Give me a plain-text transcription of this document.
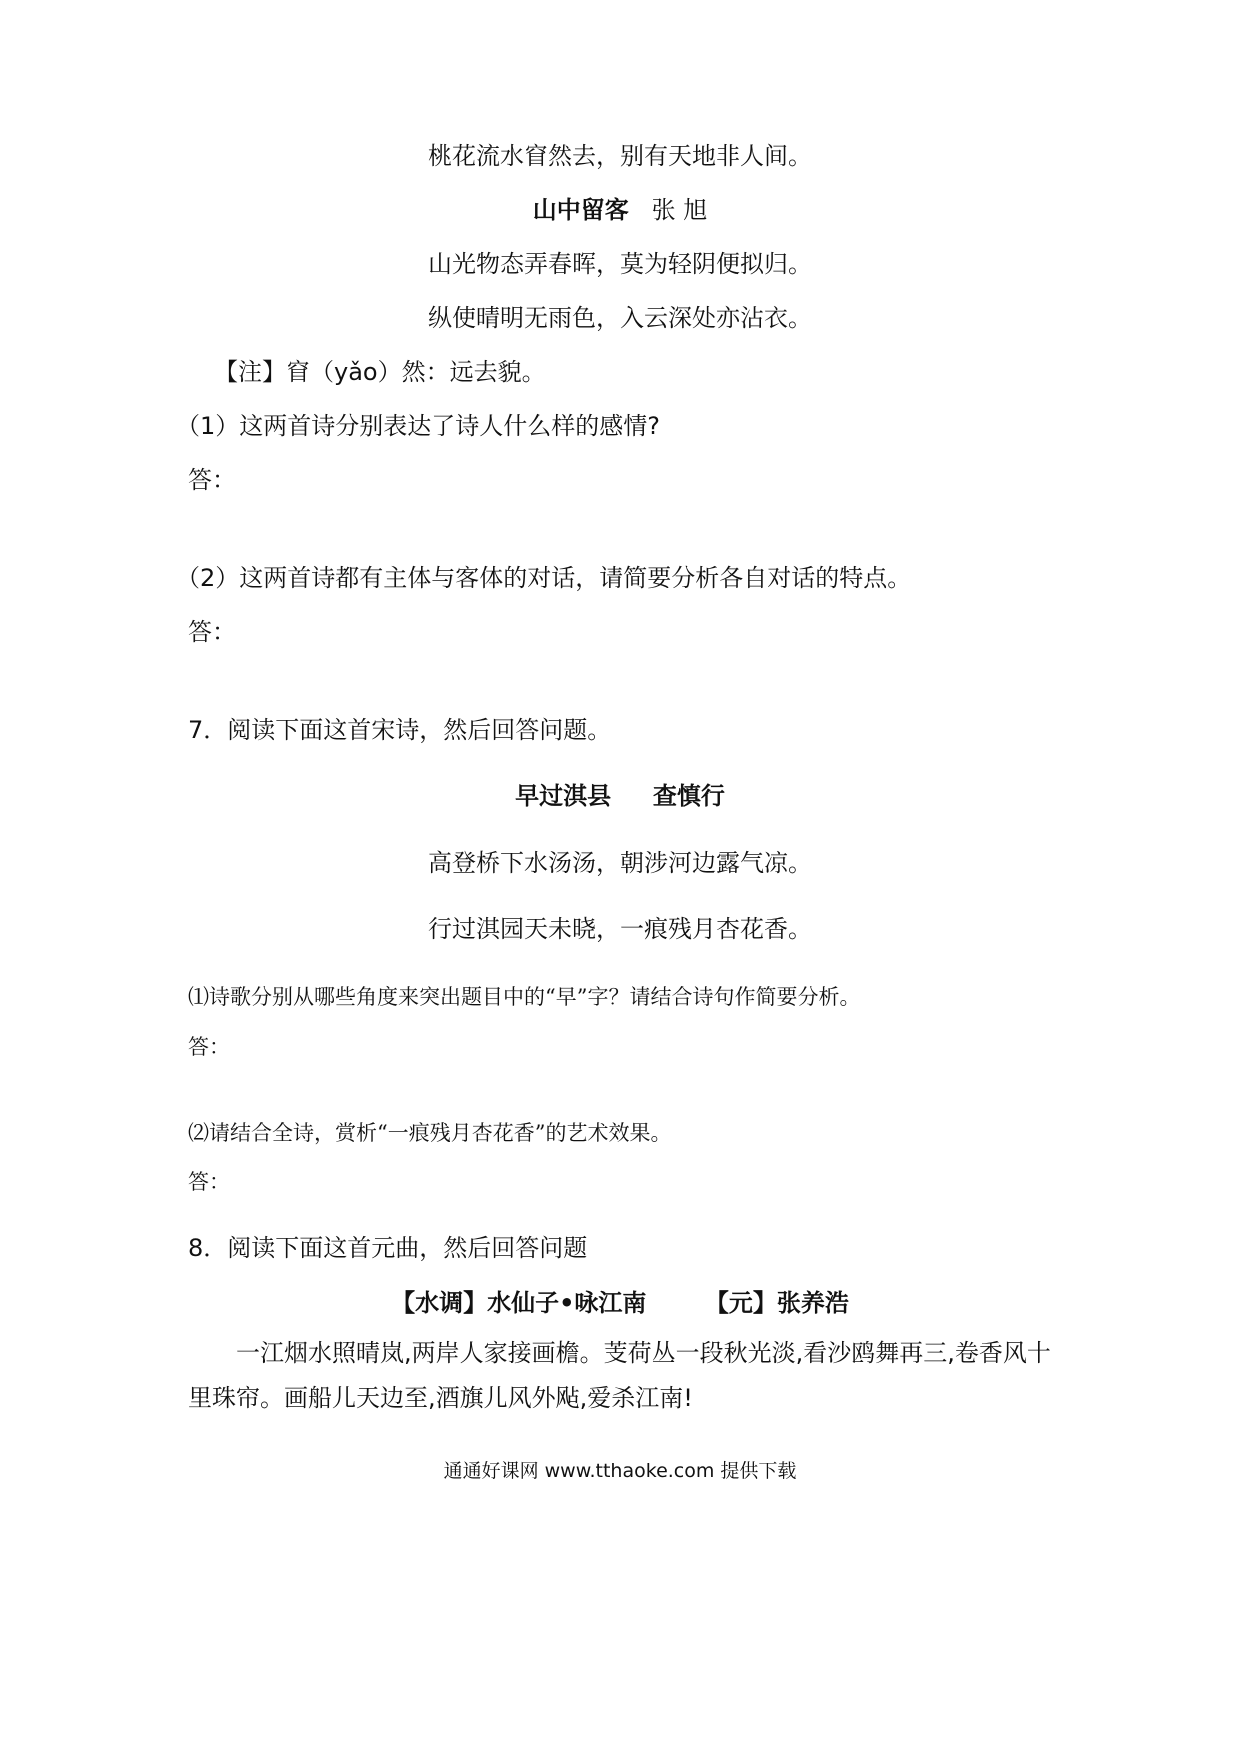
桃花流水窅然去，别有天地非人间。
山中留客 张 旭
山光物态弄春晖，莫为轻阴便拟归。
纵使晴明无雨色，入云深处亦沾衣。
【注】窅（yǎo）然：远去貌。
（1）这两首诗分别表达了诗人什么样的感情?
答：
（2）这两首诗都有主体与客体的对话，请简要分析各自对话的特点。
答：
7．阅读下面这首宋诗，然后回答问题。
早过淇县 查慎行
高登桥下水汤汤，朝涉河边露气凉。
行过淇园天未晓，一痕残月杏花香。
⑴诗歌分别从哪些角度来突出题目中的“早”字？请结合诗句作简要分析。
答：
⑵请结合全诗，赏析“一痕残月杏花香”的艺术效果。
答：
8．阅读下面这首元曲，然后回答问题
【水调】水仙子•咏江南 【元】张养浩
一江烟水照晴岚,两岸人家接画檐。芰荷丛一段秋光淡,看沙鸥舞再三,卷香风十里珠帘。画船儿天边至,酒旗儿风外飐,爱杀江南!
通通好课网 www.tthaoke.com 提供下载
